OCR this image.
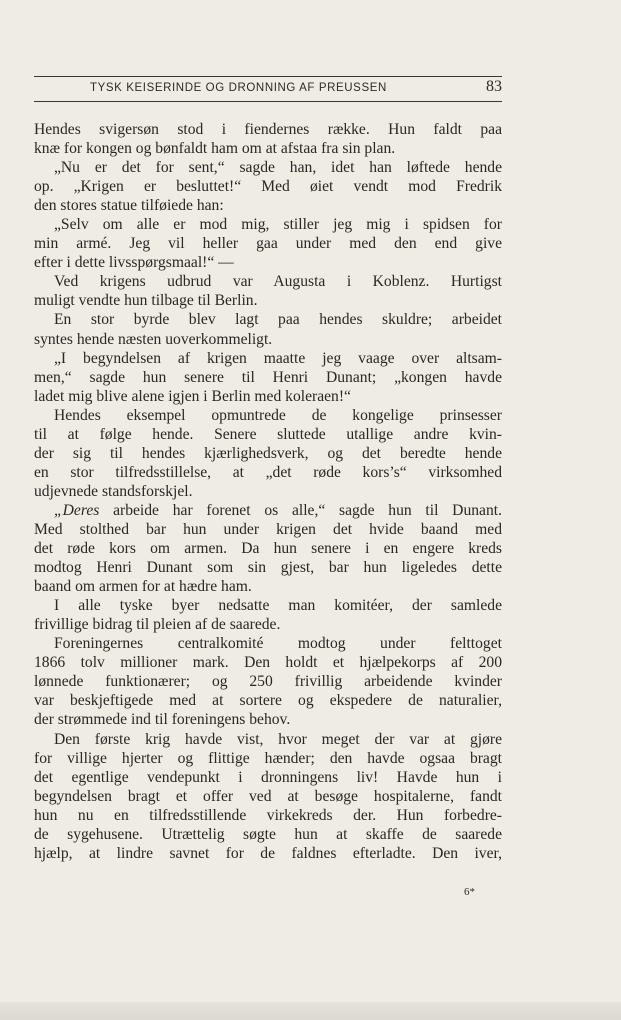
TYSK KEISERINDE OG DRONNING AF PREUSSEN	83
Hendes svigersøn stod i fiendernes række. Hun faldt paa
knæ for kongen og bønfaldt ham om at afstaa fra sin plan.
„Nu er det for sent,“ sagde han, idet han løftede hende
op. „Krigen er besluttet!“ Med øiet vendt mod Fredrik
den stores statue tilføiede han:
„Selv om alle er mod mig, stiller jeg mig i spidsen for
min armé. Jeg vil heller gaa under med den end give
efter i dette livsspørgsmaal!“ —
Ved krigens udbrud var Augusta i Koblenz. Hurtigst
muligt vendte hun tilbage til Berlin.
En stor byrde blev lagt paa hendes skuldre; arbeidet
syntes hende næsten uoverkommeligt.
„I begyndelsen af krigen maatte jeg vaage over altsam-
men,“ sagde hun senere til Henri Dunant; „kongen havde
ladet mig blive alene igjen i Berlin med koleraen!“
Hendes eksempel opmuntrede de kongelige prinsesser
til at følge hende. Senere sluttede utallige andre kvin-
der sig til hendes kjærlighedsverk, og det beredte hende
en stor tilfredsstillelse, at „det røde kors’s“ virksomhed
udjevnede standsforskjel.
„Deres arbeide har forenet os alle,“ sagde hun til Dunant.
Med stolthed bar hun under krigen det hvide baand med
det røde kors om armen. Da hun senere i en engere kreds
modtog Henri Dunant som sin gjest, bar hun ligeledes dette
baand om armen for at hædre ham.
I alle tyske byer nedsatte man komitéer, der samlede
frivillige bidrag til pleien af de saarede.
Foreningernes centralkomité modtog under felttoget
1866 tolv millioner mark. Den holdt et hjælpekorps af 200
lønnede funktionærer; og 250 frivillig arbeidende kvinder
var beskjeftigede med at sortere og ekspedere de naturalier,
der strømmede ind til foreningens behov.
Den første krig havde vist, hvor meget der var at gjøre
for villige hjerter og flittige hænder; den havde ogsaa bragt
det egentlige vendepunkt i dronningens liv! Havde hun i
begyndelsen bragt et offer ved at besøge hospitalerne, fandt
hun nu en tilfredsstillende virkekreds der. Hun forbedre-
de sygehusene. Utrættelig søgte hun at skaffe de saarede
hjælp, at lindre savnet for de faldnes efterladte. Den iver,
6*
